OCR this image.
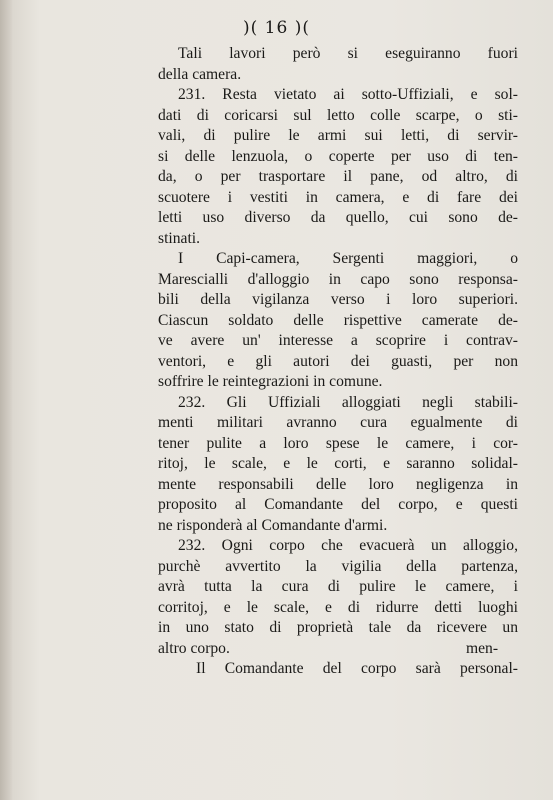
)( 16 )(
Tali lavori però si eseguiranno fuori
della camera.
231. Resta vietato ai sotto-Uffiziali, e sol-
dati di coricarsi sul letto colle scarpe, o sti-
vali, di pulire le armi sui letti, di servir-
si delle lenzuola, o coperte per uso di ten-
da, o per trasportare il pane, od altro, di
scuotere i vestiti in camera, e di fare dei
letti uso diverso da quello, cui sono de-
stinati.
I Capi-camera, Sergenti maggiori, o
Marescialli d'alloggio in capo sono responsa-
bili della vigilanza verso i loro superiori.
Ciascun soldato delle rispettive camerate de-
ve avere un' interesse a scoprire i contrav-
ventori, e gli autori dei guasti, per non
soffrire le reintegrazioni in comune.
232. Gli Uffiziali alloggiati negli stabili-
menti militari avranno cura egualmente di
tener pulite a loro spese le camere, i cor-
ritoj, le scale, e le corti, e saranno solidal-
mente responsabili delle loro negligenza in
proposito al Comandante del corpo, e questi
ne risponderà al Comandante d'armi.
232. Ogni corpo che evacuerà un alloggio,
purchè avvertito la vigilia della partenza,
avrà tutta la cura di pulire le camere, i
corritoj, e le scale, e di ridurre detti luoghi
in uno stato di proprietà tale da ricevere un
altro corpo.
Il Comandante del corpo sarà personal-
men-
